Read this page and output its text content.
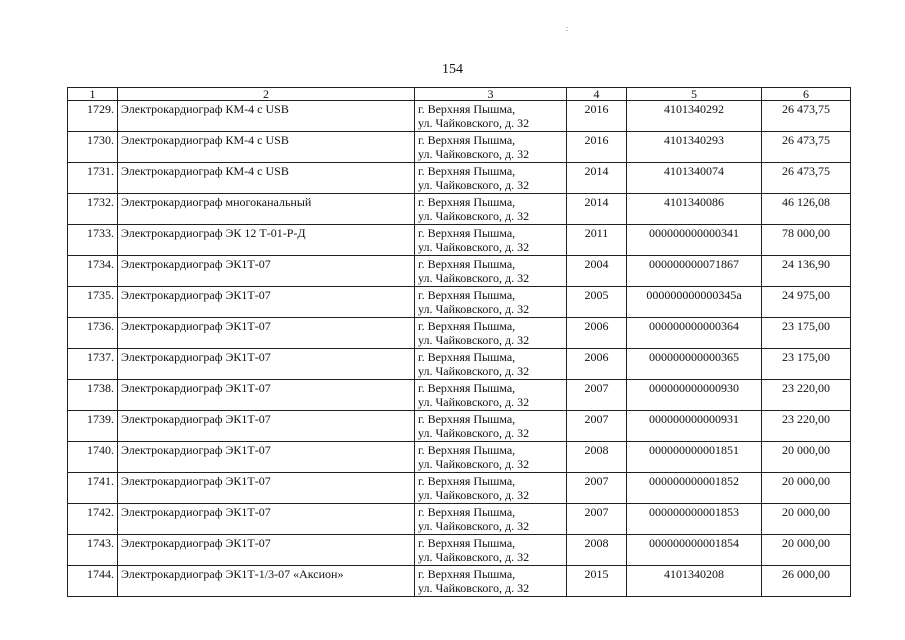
:
154
1	2	3	4	5	6
1729.	Электрокардиограф КМ-4 с USB	г. Верхняя Пышма,
ул. Чайковского, д. 32	2016	4101340292	26 473,75
1730.	Электрокардиограф КМ-4 с USB	г. Верхняя Пышма,
ул. Чайковского, д. 32	2016	4101340293	26 473,75
1731.	Электрокардиограф КМ-4 с USB	г. Верхняя Пышма,
ул. Чайковского, д. 32	2014	4101340074	26 473,75
1732.	Электрокардиограф многоканальный	г. Верхняя Пышма,
ул. Чайковского, д. 32	2014	4101340086	46 126,08
1733.	Электрокардиограф ЭК 12 Т-01-Р-Д	г. Верхняя Пышма,
ул. Чайковского, д. 32	2011	000000000000341	78 000,00
1734.	Электрокардиограф ЭК1Т-07	г. Верхняя Пышма,
ул. Чайковского, д. 32	2004	000000000071867	24 136,90
1735.	Электрокардиограф ЭК1Т-07	г. Верхняя Пышма,
ул. Чайковского, д. 32	2005	000000000000345а	24 975,00
1736.	Электрокардиограф ЭК1Т-07	г. Верхняя Пышма,
ул. Чайковского, д. 32	2006	000000000000364	23 175,00
1737.	Электрокардиограф ЭК1Т-07	г. Верхняя Пышма,
ул. Чайковского, д. 32	2006	000000000000365	23 175,00
1738.	Электрокардиограф ЭК1Т-07	г. Верхняя Пышма,
ул. Чайковского, д. 32	2007	000000000000930	23 220,00
1739.	Электрокардиограф ЭК1Т-07	г. Верхняя Пышма,
ул. Чайковского, д. 32	2007	000000000000931	23 220,00
1740.	Электрокардиограф ЭК1Т-07	г. Верхняя Пышма,
ул. Чайковского, д. 32	2008	000000000001851	20 000,00
1741.	Электрокардиограф ЭК1Т-07	г. Верхняя Пышма,
ул. Чайковского, д. 32	2007	000000000001852	20 000,00
1742.	Электрокардиограф ЭК1Т-07	г. Верхняя Пышма,
ул. Чайковского, д. 32	2007	000000000001853	20 000,00
1743.	Электрокардиограф ЭК1Т-07	г. Верхняя Пышма,
ул. Чайковского, д. 32	2008	000000000001854	20 000,00
1744.	Электрокардиограф ЭК1Т-1/3-07 «Аксион»	г. Верхняя Пышма,
ул. Чайковского, д. 32	2015	4101340208	26 000,00
